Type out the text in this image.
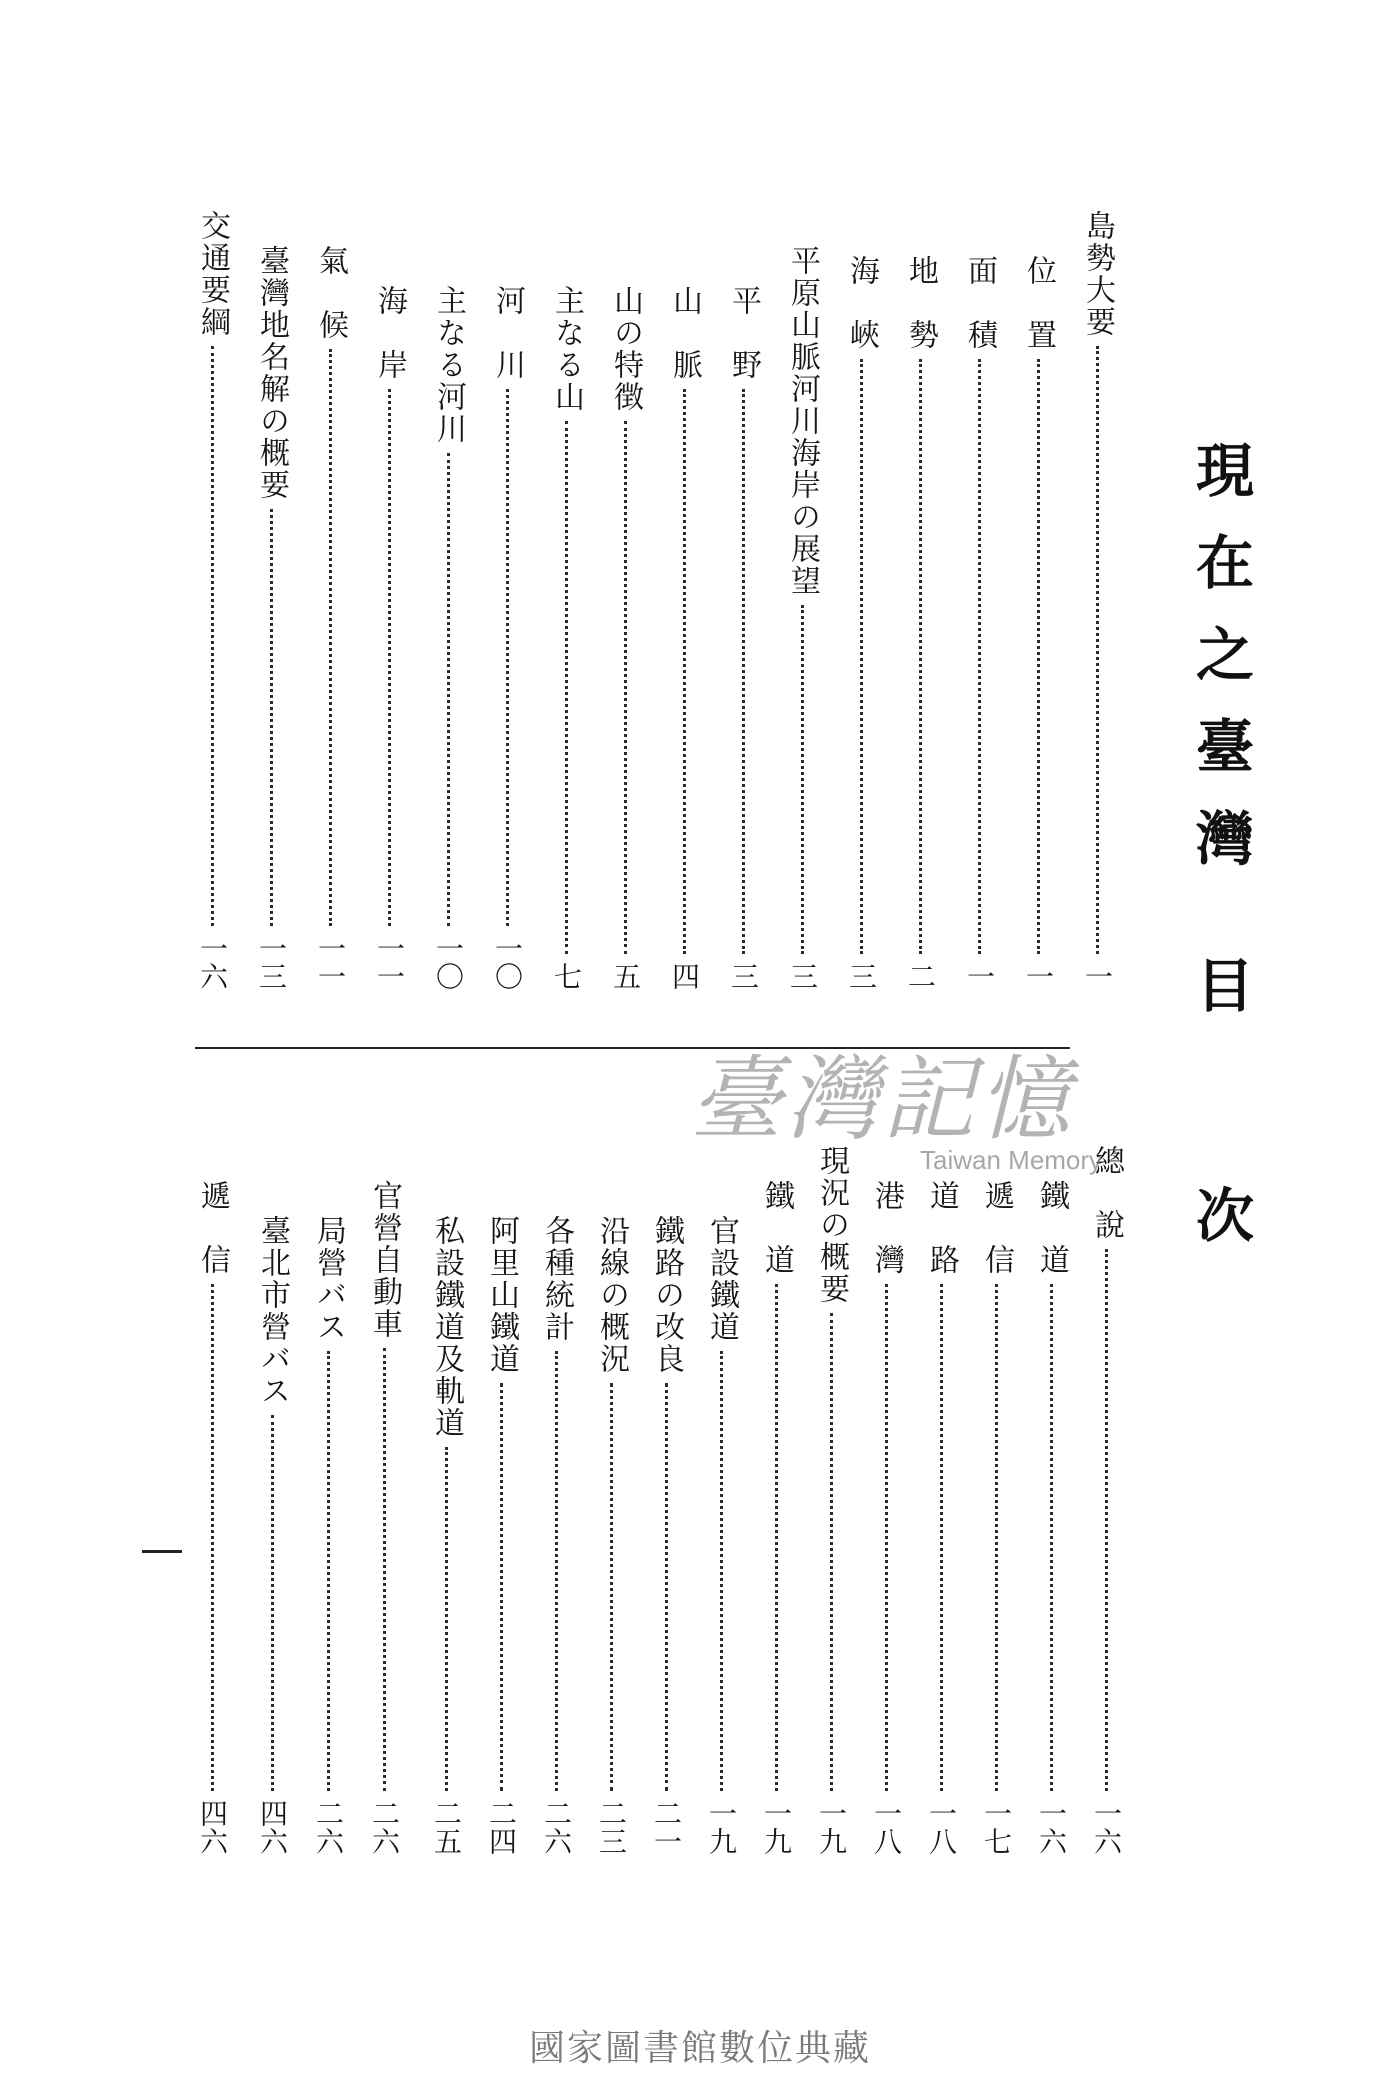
現在之臺灣
目
次
島勢大要
一
位　置
一
面　積
一
地　勢
二
海　峽
三
平原山脈河川海岸の展望
三
平　野
三
山　脈
四
山の特徴
五
主なる山
七
河　川
一〇
主なる河川
一〇
海　岸
一一
氣　候
一一
臺灣地名解の概要
一三
交通要綱
一六
總　說
一六
鐵　道
一六
遞　信
一七
道　路
一八
港　灣
一八
現況の概要
一九
鐵　道
一九
官設鐵道
一九
鐵路の改良
二一
沿線の概況
二三
各種統計
二六
阿里山鐵道
二四
私設鐵道及軌道
二五
官營自動車
二六
局營バス
二六
臺北市營バス
四六
遞　信
四六
臺灣記憶
Taiwan Memory
國家圖書館數位典藏
